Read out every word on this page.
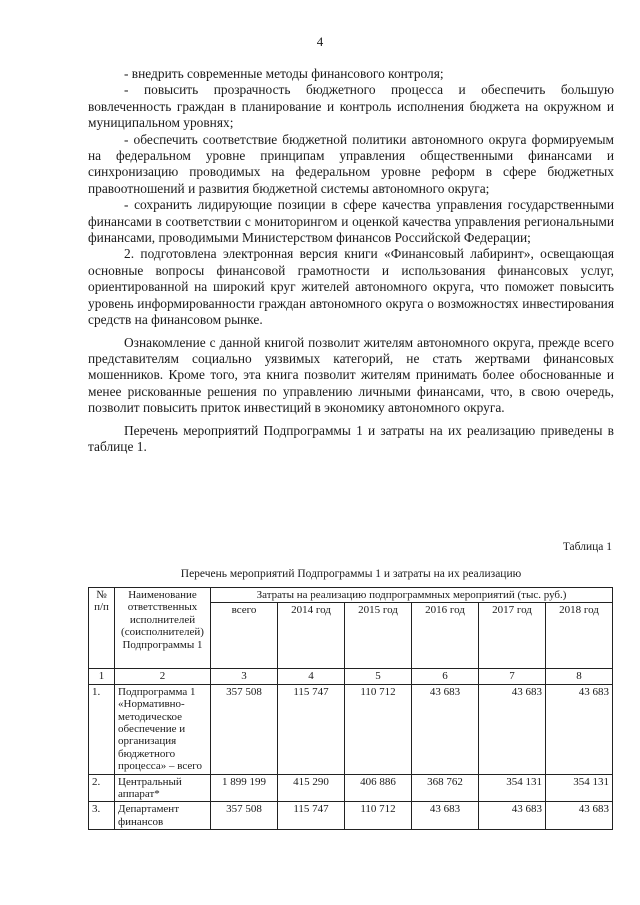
4

- внедрить современные методы финансового контроля;

- повысить прозрачность бюджетного процесса и обеспечить большую вовлеченность граждан в планирование и контроль исполнения бюджета на окружном и муниципальном уровнях;

- обеспечить соответствие бюджетной политики автономного округа формируемым на федеральном уровне принципам управления общественными финансами и синхронизацию проводимых на федеральном уровне реформ в сфере бюджетных правоотношений и развития бюджетной системы автономного округа;

- сохранить лидирующие позиции в сфере качества управления государственными финансами в соответствии с мониторингом и оценкой качества управления региональными финансами, проводимыми Министерством финансов Российской Федерации;

2. подготовлена электронная версия книги «Финансовый лабиринт», освещающая основные вопросы финансовой грамотности и использования финансовых услуг, ориентированной на широкий круг жителей автономного округа, что поможет повысить уровень информированности граждан автономного округа о возможностях инвестирования средств на финансовом рынке.

Ознакомление с данной книгой позволит жителям автономного округа, прежде всего представителям социально уязвимых категорий, не стать жертвами финансовых мошенников. Кроме того, эта книга позволит жителям принимать более обоснованные и менее рискованные решения по управлению личными финансами, что, в свою очередь, позволит повысить приток инвестиций в экономику автономного округа.

Перечень мероприятий Подпрограммы 1 и затраты на их реализацию приведены в таблице 1.

Таблица 1
Перечень мероприятий Подпрограммы 1 и затраты на их реализацию
№ п/п	Наименование ответственных исполнителей (соисполнителей) Подпрограммы 1	Затраты на реализацию подпрограммных мероприятий (тыс. руб.)					
		всего	2014 год	2015 год	2016 год	2017 год	2018 год
1	2	3	4	5	6	7	8
1.	Подпрограмма 1 «Нормативно-методическое обеспечение и организация бюджетного процесса» – всего	357 508	115 747	110 712	43 683	43 683	43 683
2.	Центральный аппарат*	1 899 199	415 290	406 886	368 762	354 131	354 131
3.	Департамент финансов	357 508	115 747	110 712	43 683	43 683	43 683
